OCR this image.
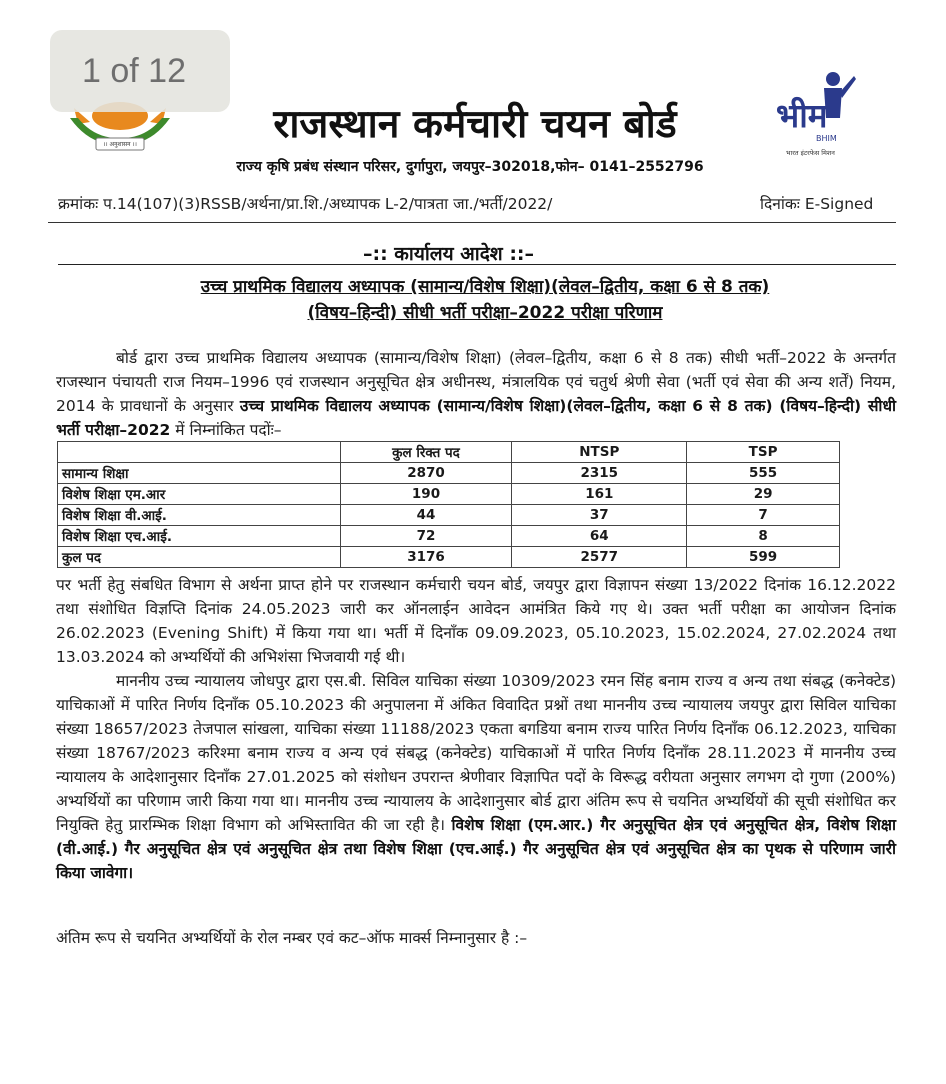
1 of 12
।। अनुशासन ।।	राजस्थान कर्मचारी चयन बोर्ड
राज्य कृषि प्रबंध संस्थान परिसर, दुर्गापुरा, जयपुर–302018,फोन– 0141–2552796
भीम
BHIM
भारत इंटरफेस मिशन
क्रमांकः प.14(107)(3)RSSB/अर्थना/प्रा.शि./अध्यापक L-2/पात्रता जा./भर्ती/2022/	दिनांकः E-Signed
–:: कार्यालय आदेश ::–
उच्च प्राथमिक विद्यालय अध्यापक (सामान्य/विशेष शिक्षा)(लेवल–द्वितीय, कक्षा 6 से 8 तक)
(विषय–हिन्दी) सीधी भर्ती परीक्षा–2022 परीक्षा परिणाम
बोर्ड द्वारा उच्च प्राथमिक विद्यालय अध्यापक (सामान्य/विशेष शिक्षा) (लेवल–द्वितीय, कक्षा 6 से 8 तक) सीधी भर्ती–2022 के अन्तर्गत राजस्थान पंचायती राज नियम–1996 एवं राजस्थान अनुसूचित क्षेत्र अधीनस्थ, मंत्रालयिक एवं चतुर्थ श्रेणी सेवा (भर्ती एवं सेवा की अन्य शर्तें) नियम, 2014 के प्रावधानों के अनुसार उच्च प्राथमिक विद्यालय अध्यापक (सामान्य/विशेष शिक्षा)(लेवल–द्वितीय, कक्षा 6 से 8 तक) (विषय–हिन्दी) सीधी भर्ती परीक्षा–2022 में निम्नांकित पदोंः–
	कुल रिक्त पद	NTSP	TSP
सामान्य शिक्षा	2870	2315	555
विशेष शिक्षा एम.आर	190	161	29
विशेष शिक्षा वी.आई.	44	37	7
विशेष शिक्षा एच.आई.	72	64	8
कुल पद	3176	2577	599
पर भर्ती हेतु संबधित विभाग से अर्थना प्राप्त होने पर राजस्थान कर्मचारी चयन बोर्ड, जयपुर द्वारा विज्ञापन संख्या 13/2022 दिनांक 16.12.2022 तथा संशोधित विज्ञप्ति दिनांक 24.05.2023 जारी कर ऑनलाईन आवेदन आमंत्रित किये गए थे। उक्त भर्ती परीक्षा का आयोजन दिनांक 26.02.2023 (Evening Shift) में किया गया था। भर्ती में दिनाँक 09.09.2023, 05.10.2023, 15.02.2024, 27.02.2024 तथा 13.03.2024 को अभ्यर्थियों की अभिशंसा भिजवायी गई थी।
माननीय उच्च न्यायालय जोधपुर द्वारा एस.बी. सिविल याचिका संख्या 10309/2023 रमन सिंह बनाम राज्य व अन्य तथा संबद्ध (कनेक्टेड) याचिकाओं में पारित निर्णय दिनाँक 05.10.2023 की अनुपालना में अंकित विवादित प्रश्नों तथा माननीय उच्च न्यायालय जयपुर द्वारा सिविल याचिका संख्या 18657/2023 तेजपाल सांखला, याचिका संख्या 11188/2023 एकता बगडिया बनाम राज्य पारित निर्णय दिनाँक 06.12.2023, याचिका संख्या 18767/2023 करिश्मा बनाम राज्य व अन्य एवं संबद्ध (कनेक्टेड) याचिकाओं में पारित निर्णय दिनाँक 28.11.2023 में माननीय उच्च न्यायालय के आदेशानुसार दिनाँक 27.01.2025 को संशोधन उपरान्त श्रेणीवार विज्ञापित पदों के विरूद्ध वरीयता अनुसार लगभग दो गुणा (200%) अभ्यर्थियों का परिणाम जारी किया गया था। माननीय उच्च न्यायालय के आदेशानुसार बोर्ड द्वारा अंतिम रूप से चयनित अभ्यर्थियों की सूची संशोधित कर नियुक्ति हेतु प्रारम्भिक शिक्षा विभाग को अभिस्तावित की जा रही है। विशेष शिक्षा (एम.आर.) गैर अनुसूचित क्षेत्र एवं अनुसूचित क्षेत्र, विशेष शिक्षा (वी.आई.) गैर अनुसूचित क्षेत्र एवं अनुसूचित क्षेत्र तथा विशेष शिक्षा (एच.आई.) गैर अनुसूचित क्षेत्र एवं अनुसूचित क्षेत्र का पृथक से परिणाम जारी किया जावेगा।
अंतिम रूप से चयनित अभ्यर्थियों के रोल नम्बर एवं कट–ऑफ मार्क्स निम्नानुसार है :–
